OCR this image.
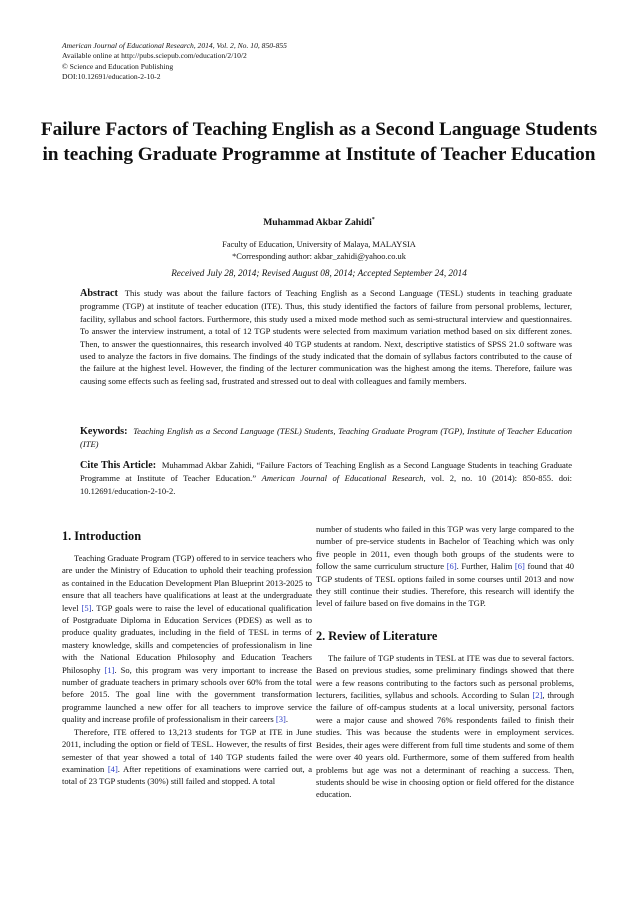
American Journal of Educational Research, 2014, Vol. 2, No. 10, 850-855
Available online at http://pubs.sciepub.com/education/2/10/2
© Science and Education Publishing
DOI:10.12691/education-2-10-2
Failure Factors of Teaching English as a Second Language Students in teaching Graduate Programme at Institute of Teacher Education
Muhammad Akbar Zahidi*
Faculty of Education, University of Malaya, MALAYSIA
*Corresponding author: akbar_zahidi@yahoo.co.uk
Received July 28, 2014; Revised August 08, 2014; Accepted September 24, 2014
Abstract This study was about the failure factors of Teaching English as a Second Language (TESL) students in teaching graduate programme (TGP) at institute of teacher education (ITE). Thus, this study identified the factors of failure from personal problems, lecturer, facility, syllabus and school factors. Furthermore, this study used a mixed mode method such as semi-structural interview and questionnaires. To answer the interview instrument, a total of 12 TGP students were selected from maximum variation method based on six different zones. Then, to answer the questionnaires, this research involved 40 TGP students at random. Next, descriptive statistics of SPSS 21.0 software was used to analyze the factors in five domains. The findings of the study indicated that the domain of syllabus factors contributed to the cause of the failure at the highest level. However, the finding of the lecturer communication was the highest among the items. Therefore, failure was causing some effects such as feeling sad, frustrated and stressed out to deal with colleagues and family members.
Keywords: Teaching English as a Second Language (TESL) Students, Teaching Graduate Program (TGP), Institute of Teacher Education (ITE)
Cite This Article: Muhammad Akbar Zahidi, “Failure Factors of Teaching English as a Second Language Students in teaching Graduate Programme at Institute of Teacher Education.” American Journal of Educational Research, vol. 2, no. 10 (2014): 850-855. doi: 10.12691/education-2-10-2.
1. Introduction

Teaching Graduate Program (TGP) offered to in service teachers who are under the Ministry of Education to uphold their teaching profession as contained in the Education Development Plan Blueprint 2013-2025 to ensure that all teachers have qualifications at least at the undergraduate level [5]. TGP goals were to raise the level of educational qualification of Postgraduate Diploma in Education Services (PDES) as well as to produce quality graduates, including in the field of TESL in terms of mastery knowledge, skills and competencies of professionalism in line with the National Education Philosophy and Education Teachers Philosophy [1]. So, this program was very important to increase the number of graduate teachers in primary schools over 60% from the total before 2015. The goal line with the government transformation programme launched a new offer for all teachers to improve service quality and increase profile of professionalism in their careers [3].

Therefore, ITE offered to 13,213 students for TGP at ITE in June 2011, including the option or field of TESL. However, the results of first semester of that year showed a total of 140 TGP students failed the examination [4]. After repetitions of examinations were carried out, a total of 23 TGP students (30%) still failed and stopped. A total

number of students who failed in this TGP was very large compared to the number of pre-service students in Bachelor of Teaching which was only five people in 2011, even though both groups of the students were to follow the same curriculum structure [6]. Further, Halim [6] found that 40 TGP students of TESL options failed in some courses until 2013 and now they still continue their studies. Therefore, this research will identify the level of failure based on five domains in the TGP.

2. Review of Literature

The failure of TGP students in TESL at ITE was due to several factors. Based on previous studies, some preliminary findings showed that there were a few reasons contributing to the factors such as personal problems, lecturers, facilities, syllabus and schools. According to Sulan [2], through the failure of off-campus students at a local university, personal factors were a major cause and showed 76% respondents failed to finish their studies. This was because the students were in employment services. Besides, their ages were different from full time students and some of them were over 40 years old. Furthermore, some of them suffered from health problems but age was not a determinant of reaching a success. Then, students should be wise in choosing option or field offered for the distance education.
